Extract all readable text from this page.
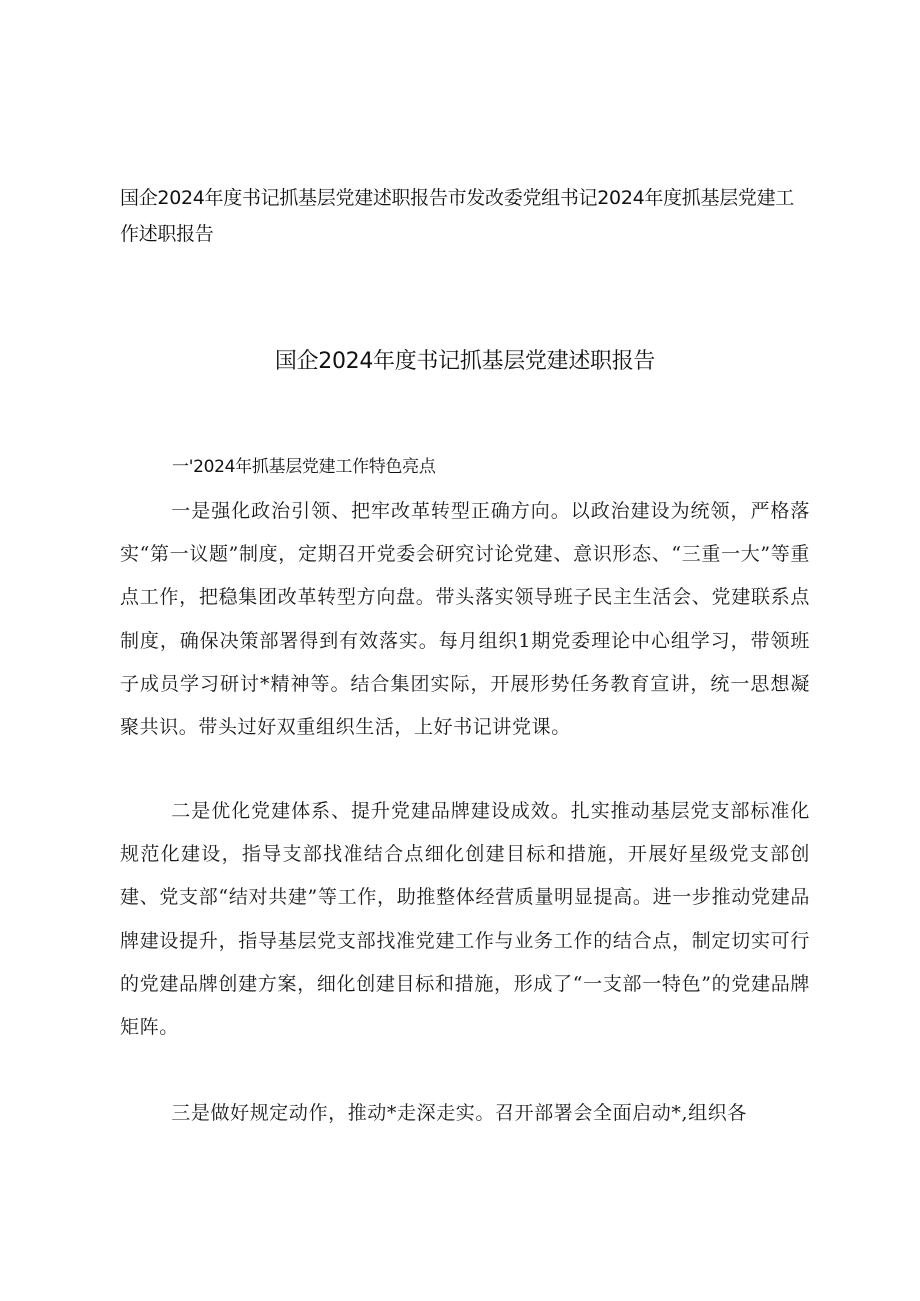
国企2024年度书记抓基层党建述职报告市发改委党组书记2024年度抓基层党建工作述职报告
国企2024年度书记抓基层党建述职报告
一'2024年抓基层党建工作特色亮点

一是强化政治引领、把牢改革转型正确方向。以政治建设为统领，严格落实“第一议题”制度，定期召开党委会研究讨论党建、意识形态、“三重一大”等重点工作，把稳集团改革转型方向盘。带头落实领导班子民主生活会、党建联系点制度，确保决策部署得到有效落实。每月组织1期党委理论中心组学习，带领班子成员学习研讨*精神等。结合集团实际，开展形势任务教育宣讲，统一思想凝聚共识。带头过好双重组织生活，上好书记讲党课。

二是优化党建体系、提升党建品牌建设成效。扎实推动基层党支部标准化规范化建设，指导支部找准结合点细化创建目标和措施，开展好星级党支部创建、党支部“结对共建”等工作，助推整体经营质量明显提高。进一步推动党建品牌建设提升，指导基层党支部找准党建工作与业务工作的结合点，制定切实可行的党建品牌创建方案，细化创建目标和措施，形成了“一支部一特色”的党建品牌矩阵。

三是做好规定动作，推动*走深走实。召开部署会全面启动*,组织各
